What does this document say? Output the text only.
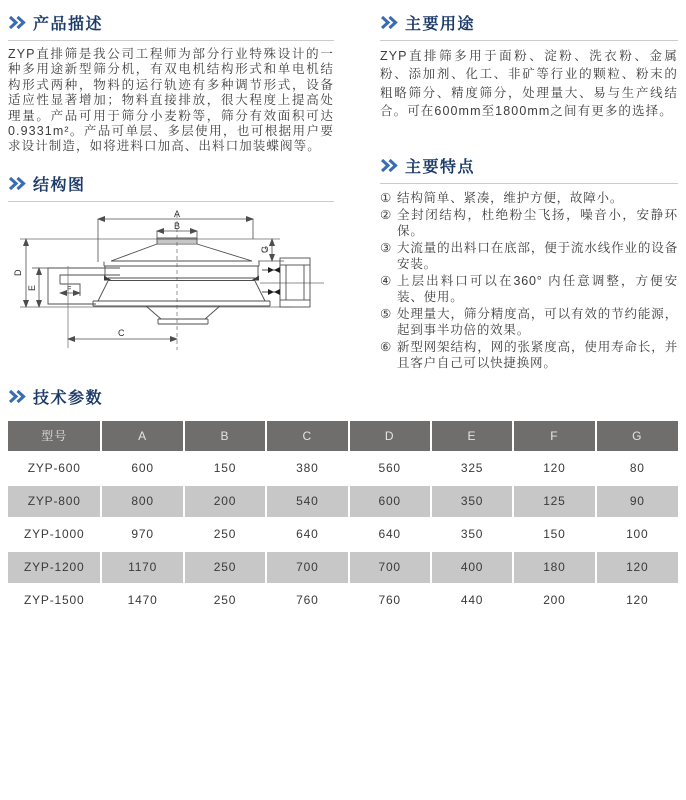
产品描述

ZYP直排筛是我公司工程师为部分行业特殊设计的一种多用途新型筛分机，有双电机结构形式和单电机结构形式两种，物料的运行轨迹有多种调节形式，设备适应性显著增加；物料直接排放，很大程度上提高处理量。产品可用于筛分小麦粉等，筛分有效面积可达0.9331m²。产品可单层、多层使用，也可根据用户要求设计制造，如将进料口加高、出料口加装蝶阀等。

结构图
A
B
D
E	F
C
G
主要用途

ZYP直排筛多用于面粉、淀粉、洗衣粉、金属粉、添加剂、化工、非矿等行业的颗粒、粉末的粗略筛分、精度筛分，处理量大、易与生产线结合。可在600mm至1800mm之间有更多的选择。

主要特点
① 结构简单、紧凑，维护方便，故障小。
② 全封闭结构，杜绝粉尘飞扬，噪音小，安静环保。
③ 大流量的出料口在底部，便于流水线作业的设备安装。
④ 上层出料口可以在360° 内任意调整，方便安装、使用。
⑤ 处理量大，筛分精度高，可以有效的节约能源，起到事半功倍的效果。
⑥ 新型网架结构，网的张紧度高，使用寿命长，并且客户自己可以快捷换网。
技术参数
型号	A	B	C	D	E	F	G
ZYP-600	600	150	380	560	325	120	80
ZYP-800	800	200	540	600	350	125	90
ZYP-1000	970	250	640	640	350	150	100
ZYP-1200	1170	250	700	700	400	180	120
ZYP-1500	1470	250	760	760	440	200	120
